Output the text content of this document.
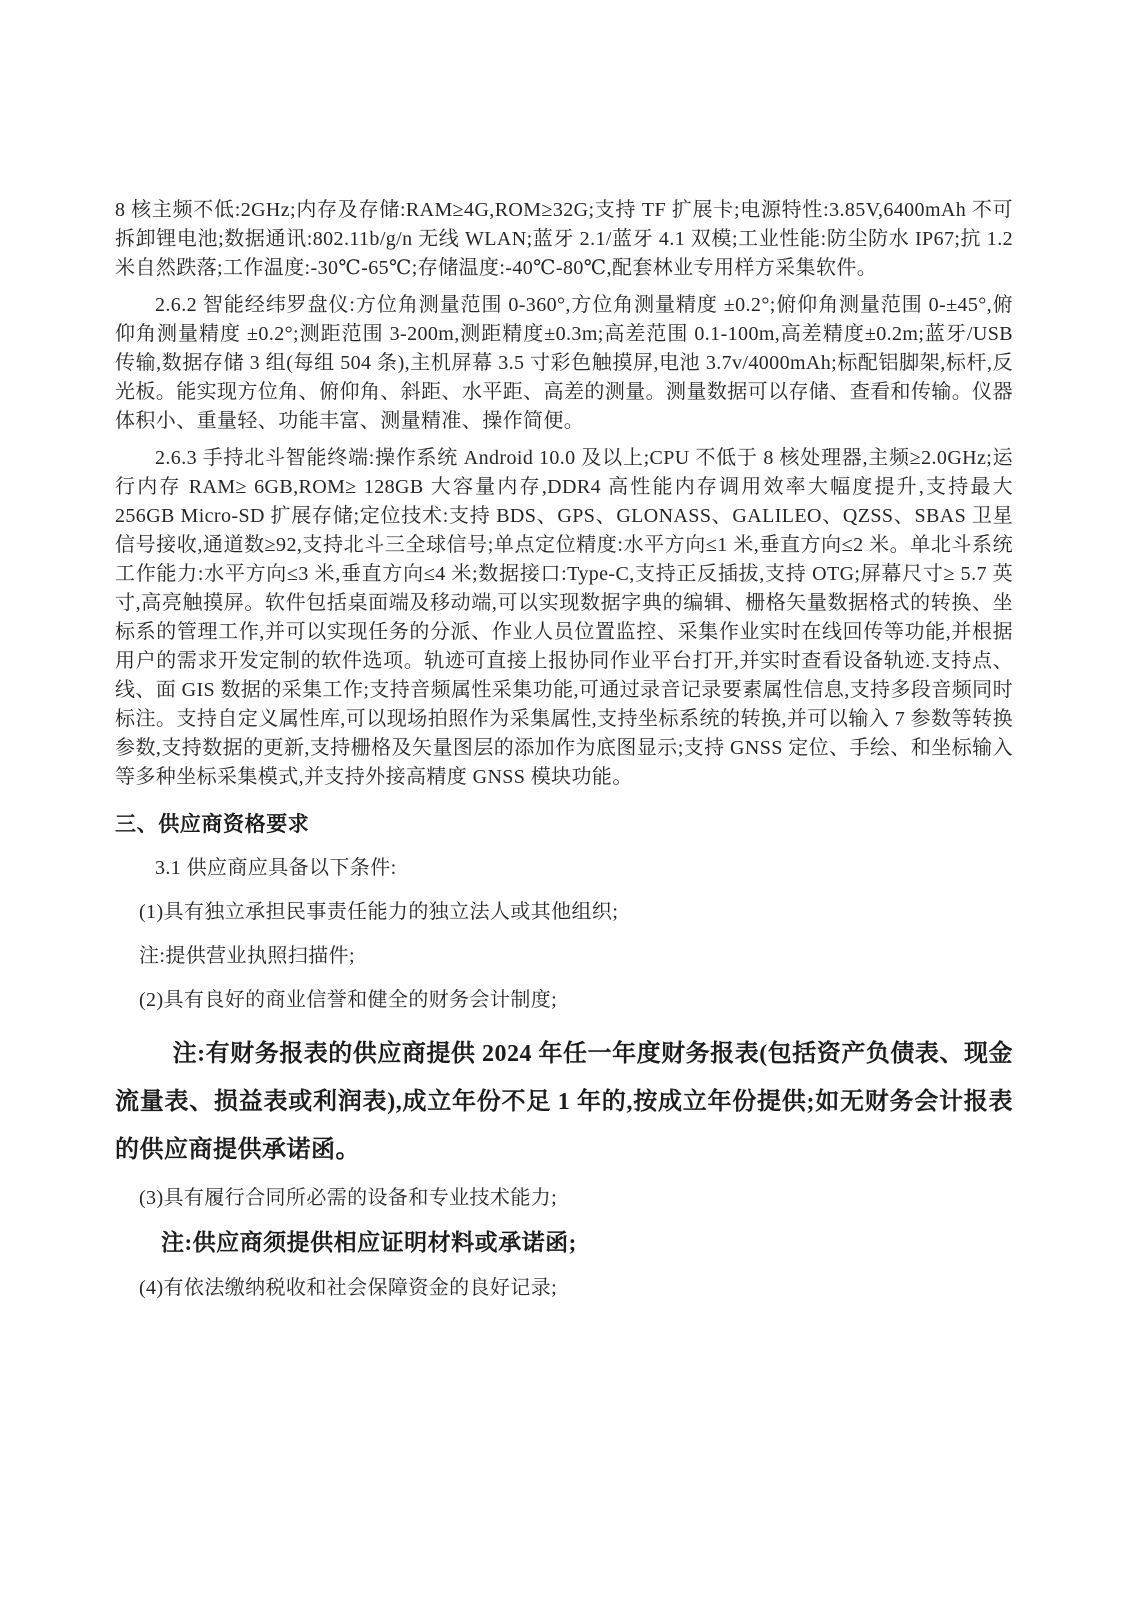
8 核主频不低:2GHz;内存及存储:RAM≥4G,ROM≥32G;支持 TF 扩展卡;电源特性:3.85V,6400mAh 不可拆卸锂电池;数据通讯:802.11b/g/n 无线 WLAN;蓝牙 2.1/蓝牙 4.1 双模;工业性能:防尘防水 IP67;抗 1.2 米自然跌落;工作温度:-30℃-65℃;存储温度:-40℃-80℃,配套林业专用样方采集软件。

2.6.2 智能经纬罗盘仪:方位角测量范围 0-360°,方位角测量精度 ±0.2°;俯仰角测量范围 0-±45°,俯仰角测量精度 ±0.2°;测距范围 3-200m,测距精度±0.3m;高差范围 0.1-100m,高差精度±0.2m;蓝牙/USB 传输,数据存储 3 组(每组 504 条),主机屏幕 3.5 寸彩色触摸屏,电池 3.7v/4000mAh;标配铝脚架,标杆,反光板。能实现方位角、俯仰角、斜距、水平距、高差的测量。测量数据可以存储、查看和传输。仪器体积小、重量轻、功能丰富、测量精准、操作简便。

2.6.3 手持北斗智能终端:操作系统 Android 10.0 及以上;CPU 不低于 8 核处理器,主频≥2.0GHz;运行内存 RAM≥ 6GB,ROM≥ 128GB 大容量内存,DDR4 高性能内存调用效率大幅度提升,支持最大 256GB Micro-SD 扩展存储;定位技术:支持 BDS、GPS、GLONASS、GALILEO、QZSS、SBAS 卫星信号接收,通道数≥92,支持北斗三全球信号;单点定位精度:水平方向≤1 米,垂直方向≤2 米。单北斗系统工作能力:水平方向≤3 米,垂直方向≤4 米;数据接口:Type-C,支持正反插拔,支持 OTG;屏幕尺寸≥ 5.7 英寸,高亮触摸屏。软件包括桌面端及移动端,可以实现数据字典的编辑、栅格矢量数据格式的转换、坐标系的管理工作,并可以实现任务的分派、作业人员位置监控、采集作业实时在线回传等功能,并根据用户的需求开发定制的软件选项。轨迹可直接上报协同作业平台打开,并实时查看设备轨迹.支持点、线、面 GIS 数据的采集工作;支持音频属性采集功能,可通过录音记录要素属性信息,支持多段音频同时标注。支持自定义属性库,可以现场拍照作为采集属性,支持坐标系统的转换,并可以输入 7 参数等转换参数,支持数据的更新,支持栅格及矢量图层的添加作为底图显示;支持 GNSS 定位、手绘、和坐标输入等多种坐标采集模式,并支持外接高精度 GNSS 模块功能。

三、供应商资格要求

3.1 供应商应具备以下条件:

(1)具有独立承担民事责任能力的独立法人或其他组织;

注:提供营业执照扫描件;

(2)具有良好的商业信誉和健全的财务会计制度;

注:有财务报表的供应商提供 2024 年任一年度财务报表(包括资产负债表、现金流量表、损益表或利润表),成立年份不足 1 年的,按成立年份提供;如无财务会计报表的供应商提供承诺函。

(3)具有履行合同所必需的设备和专业技术能力;

注:供应商须提供相应证明材料或承诺函;

(4)有依法缴纳税收和社会保障资金的良好记录;
